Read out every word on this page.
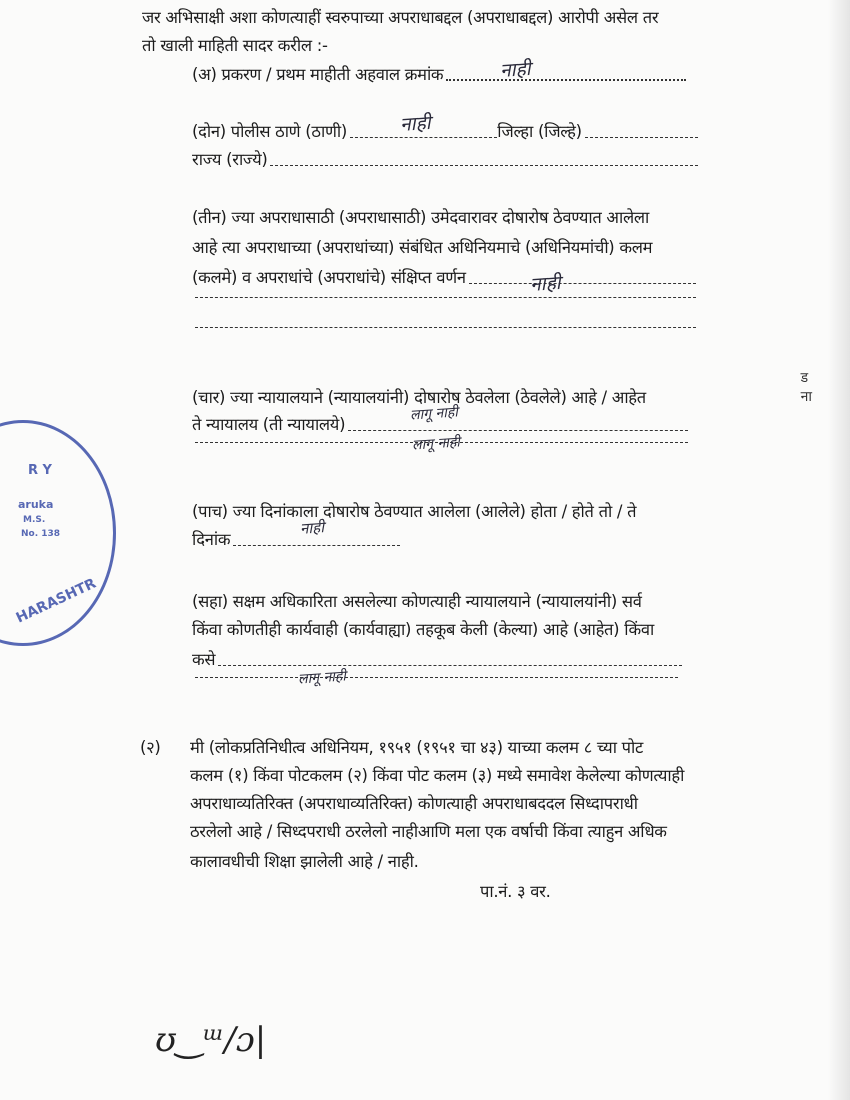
जर अभिसाक्षी अशा कोणत्याहीं स्वरुपाच्या अपराधाबद्दल (अपराधाबद्दल) आरोपी असेल तर
तो खाली माहिती सादर करील :-
(अ) प्रकरण / प्रथम माहीती अहवाल क्रमांक	नाही
(दोन) पोलीस ठाणे (ठाणी)	जिल्हा (जिल्हे)
नाही
राज्य (राज्ये)
(तीन) ज्या अपराधासाठी (अपराधासाठी) उमेदवारावर दोषारोष ठेवण्यात आलेला
आहे त्या अपराधाच्या (अपराधांच्या) संबंधित अधिनियमाचे (अधिनियमांची) कलम
(कलमे) व अपराधांचे (अपराधांचे) संक्षिप्त वर्णन	नाही
(चार) ज्या न्यायालयाने (न्यायालयांनी) दोषारोष ठेवलेला (ठेवलेले) आहे / आहेत
ते न्यायालय (ती न्यायालये)
लागू नाही
लागू नाही
(पाच) ज्या दिनांकाला दोषारोष ठेवण्यात आलेला (आलेले) होता / होते तो / ते
दिनांक
नाही
(सहा) सक्षम अधिकारिता असलेल्या कोणत्याही न्यायालयाने (न्यायालयांनी) सर्व
किंवा कोणतीही कार्यवाही (कार्यवाह्या) तहकूब केली (केल्या) आहे (आहेत) किंवा
कसे
लागू नाही
(२) मी (लोकप्रतिनिधीत्व अधिनियम, १९५१ (१९५१ चा ४३) याच्या कलम ८ च्या पोट
कलम (१) किंवा पोटकलम (२) किंवा पोट कलम (३) मध्ये समावेश केलेल्या कोणत्याही
अपराधाव्यतिरिक्त (अपराधाव्यतिरिक्त) कोणत्याही अपराधाबददल सिध्दापराधी
ठरलेलो आहे / सिध्दपराधी ठरलेलो नाहीआणि मला एक वर्षाची किंवा त्याहुन अधिक
कालावधीची शिक्षा झालेली आहे / नाही.
पा.नं. ३ वर.
R Y
aruka
M.S.
No. 138
HARASHTR
ड
ना
ʊ‿ᵚ/ɔ|
